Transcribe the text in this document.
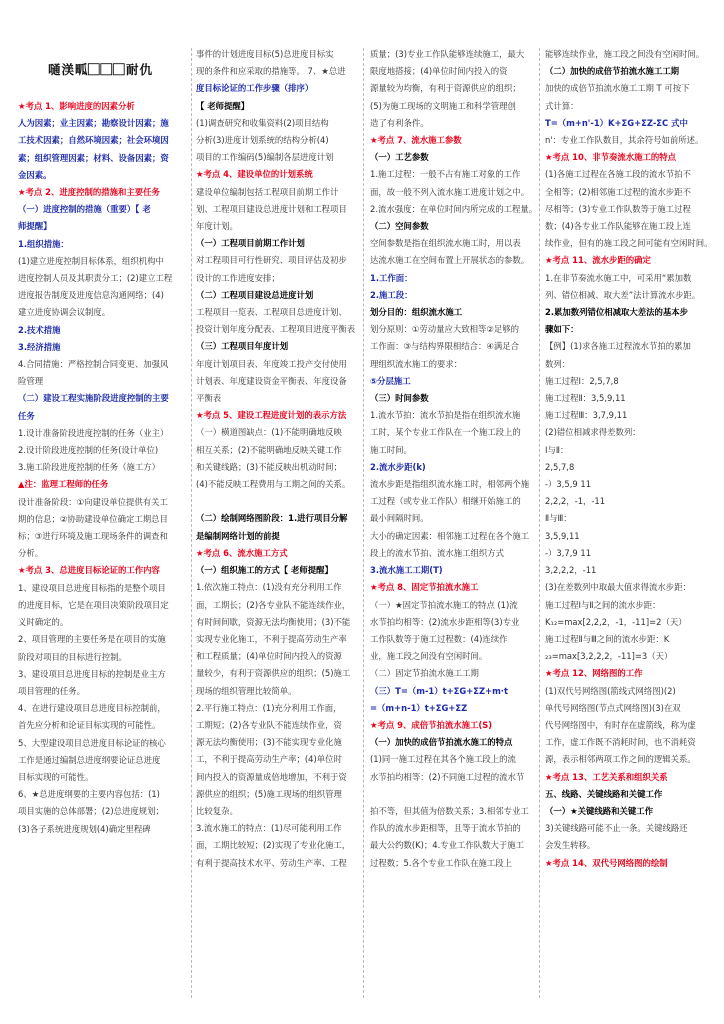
嗵渼畖⃞⃞⃞耐仇

★考点 1、影响进度的因素分析

人为因素；业主因素；勘察设计因素；施

工技术因素；自然环境因素；社会环境因

素；组织管理因素；材料、设备因素；资

金因素。

★考点 2、进度控制的措施和主要任务

（一）进度控制的措施（重要）【 老

师提醒】

1.组织措施：

(1)建立进度控制目标体系，组织机构中

进度控制人员及其职责分工；(2)建立工程

进度报告制度及进度信息沟通网络；(4)

建立进度协调会议制度。

2.技术措施

3.经济措施

4.合同措施：严格控制合同变更、加强风

险管理

（二）建设工程实施阶段进度控制的主要

任务

1.设计准备阶段进度控制的任务（业主）

2.设计阶段进度控制的任务(设计单位)

3.施工阶段进度控制的任务（施工方）

▲注：监理工程师的任务

设计准备阶段：①向建设单位提供有关工

期的信息；②协助建设单位确定工期总目

标；③进行环境及施工现场条件的调查和

分析。

★考点 3、总进度目标论证的工作内容

1、建设项目总进度目标指的是整个项目

的进度目标，它是在项目决策阶段项目定

义时确定的。

2、项目管理的主要任务是在项目的实施

阶段对项目的目标进行控制。

3、建设项目总进度目标的控制是业主方

项目管理的任务。

4、在进行建设项目总进度目标控制前，

首先应分析和论证目标实现的可能性。

5、大型建设项目总进度目标论证的核心

工作是通过编制总进度纲要论证总进度

目标实现的可能性。

6、★总进度纲要的主要内容包括：(1)

项目实施的总体部署；(2)总进度规划；

(3)各子系统进度规划(4)确定里程碑

事件的计划进度目标(5)总进度目标实

现的条件和应采取的措施等。 7、★总进

度目标论证的工作步骤（排序）

【 老师提醒】

(1)调查研究和收集资料(2)项目结构

分析(3)进度计划系统的结构分析(4)

项目的工作编码(5)编制各层进度计划

★考点 4、建设单位的计划系统

建设单位编制包括工程项目前期工作计

划、工程项目建设总进度计划和工程项目

年度计划。

（一）工程项目前期工作计划

对工程项目可行性研究、项目评估及初步

设计的工作进度安排；

（二）工程项目建设总进度计划

工程项目一览表、工程项目总进度计划、

投资计划年度分配表、工程项目进度平衡表

（三）工程项目年度计划

年度计划项目表、年度竣工投产交付使用

计划表、年度建设资金平衡表、年度设备

平衡表

★考点 5、建设工程进度计划的表示方法

（一）横道图缺点：(1)不能明确地反映

相互关系；(2)不能明确地反映关键工作

和关键线路；(3)不能反映出机动时间；

(4)不能反映工程费用与工期之间的关系。

（二）绘制网络图阶段：1.进行项目分解

是编制网络计划的前提

★考点 6、流水施工方式

（一）组织施工的方式【 老师提醒】

1.依次施工特点：(1)没有充分利用工作

面，工期长；(2)各专业队不能连续作业，

有时间间歇，资源无法均衡使用；(3)不能

实现专业化施工，不利于提高劳动生产率

和工程质量；(4)单位时间内投入的资源

量较少，有利于资源供应的组织；(5)施工

现场的组织管理比较简单。

2.平行施工特点：(1)充分利用工作面，

工期短；(2)各专业队不能连续作业，资

源无法均衡使用；(3)不能实现专业化施

工，不利于提高劳动生产率；(4)单位时

间内投入的资源量成倍地增加，不利于资

源供应的组织；(5)施工现场的组织管理

比较复杂。

3.流水施工的特点：(1)尽可能利用工作

面，工期比较短；(2)实现了专业化施工，

有利于提高技术水平、劳动生产率、工程

质量；(3)专业工作队能够连续施工，最大

限度地搭接；(4)单位时间内投入的资

源量较为均衡，有利于资源供应的组织；

(5)为施工现场的文明施工和科学管理创

造了有利条件。

★考点 7、流水施工参数

（一）工艺参数

1.施工过程：一般不占有施工对象的工作

面，故一般不列入流水施工进度计划之中。

2.流水强度：在单位时间内所完成的工程量。

（二）空间参数

空间参数是指在组织流水施工时，用以表

达流水施工在空间布置上开展状态的参数。

1.工作面：

2.施工段：

划分目的：组织流水施工

划分原则：①劳动量应大致相等②足够的

工作面：③与结构界限相结合：④满足合

理组织流水施工的要求：

⑤分层施工

（三）时间参数

1.流水节拍：流水节拍是指在组织流水施

工时，某个专业工作队在一个施工段上的

施工时间。

2.流水步距(k)

流水步距是指组织流水施工时，相邻两个施

工过程（或专业工作队）相继开始施工的

最小间隔时间。

大小的确定因素：相邻施工过程在各个施工

段上的流水节拍、流水施工组织方式

3.流水施工工期(T)

★考点 8、固定节拍流水施工

（一）★固定节拍流水施工的特点 (1)流

水节拍均相等：(2)流水步距相等(3)专业

工作队数等于施工过程数：(4)连续作

业，施工段之间没有空闲时间。

（二）固定节拍流水施工工期

（三）T=（m-1）t+ΣG+ΣZ+m·t

=（m+n-1）t+ΣG+ΣZ

★考点 9、成倍节拍流水施工(S)

（一）加快的成倍节拍流水施工的特点

(1)同一施工过程在其各个施工段上的流

水节拍均相等：(2)不同施工过程的流水节

拍不等，但其值为倍数关系；3.相邻专业工

作队的流水步距相等，且等于流水节拍的

最大公约数(K)；4.专业工作队数大于施工

过程数；5.各个专业工作队在施工段上

能够连续作业，施工段之间没有空闲时间。

（二）加快的成倍节拍流水施工工期

加快的成倍节拍流水施工工期 T 可按下

式计算：

T=（m+n'-1）K+ΣG+ΣZ-ΣC 式中

n'：专业工作队数目，其余符号如前所述。

★考点 10、非节奏流水施工的特点

(1)各施工过程在各施工段的流水节拍不

全相等；(2)相邻施工过程的流水步距不

尽相等；(3)专业工作队数等于施工过程

数；(4)各专业工作队能够在施工段上连

续作业，但有的施工段之间可能有空闲时间。

★考点 11、流水步距的确定

1.在非节奏流水施工中，可采用“累加数

列、错位相减、取大差”法计算流水步距。

2.累加数列错位相减取大差法的基本步

骤如下：

【例】(1)求各施工过程流水节拍的累加

数列：

施工过程Ⅰ：2,5,7,8

施工过程Ⅱ：3,5,9,11

施工过程Ⅲ：3,7,9,11

(2)错位相减求得差数列：

Ⅰ与Ⅱ：

2,5,7,8

-）3,5,9 11

2,2,2，-1，-11

Ⅱ与Ⅲ：

3,5,9,11

-）3,7,9 11

3,2,2,2，-11

(3)在差数列中取最大值求得流水步距：

施工过程Ⅰ与Ⅱ之间的流水步距：

K₁₂=max[2,2,2，-1，-11]=2（天）

施工过程Ⅱ与Ⅲ之间的流水步距：K

₂₃=max[3,2,2,2，-11]=3（天）

★考点 12、网络图的工作

(1)双代号网络图(箭线式网络图)(2)

单代号网络图(节点式网络图)(3)在双

代号网络图中，有时存在虚箭线，称为虚

工作，虚工作既不消耗时间，也不消耗资

源，表示相邻两项工作之间的逻辑关系。

★考点 13、工艺关系和组织关系

五、线路、关键线路和关键工作

（一）★关键线路和关键工作

3)关键线路可能不止一条。关键线路还

会发生转移。

★考点 14、双代号网络图的绘制
